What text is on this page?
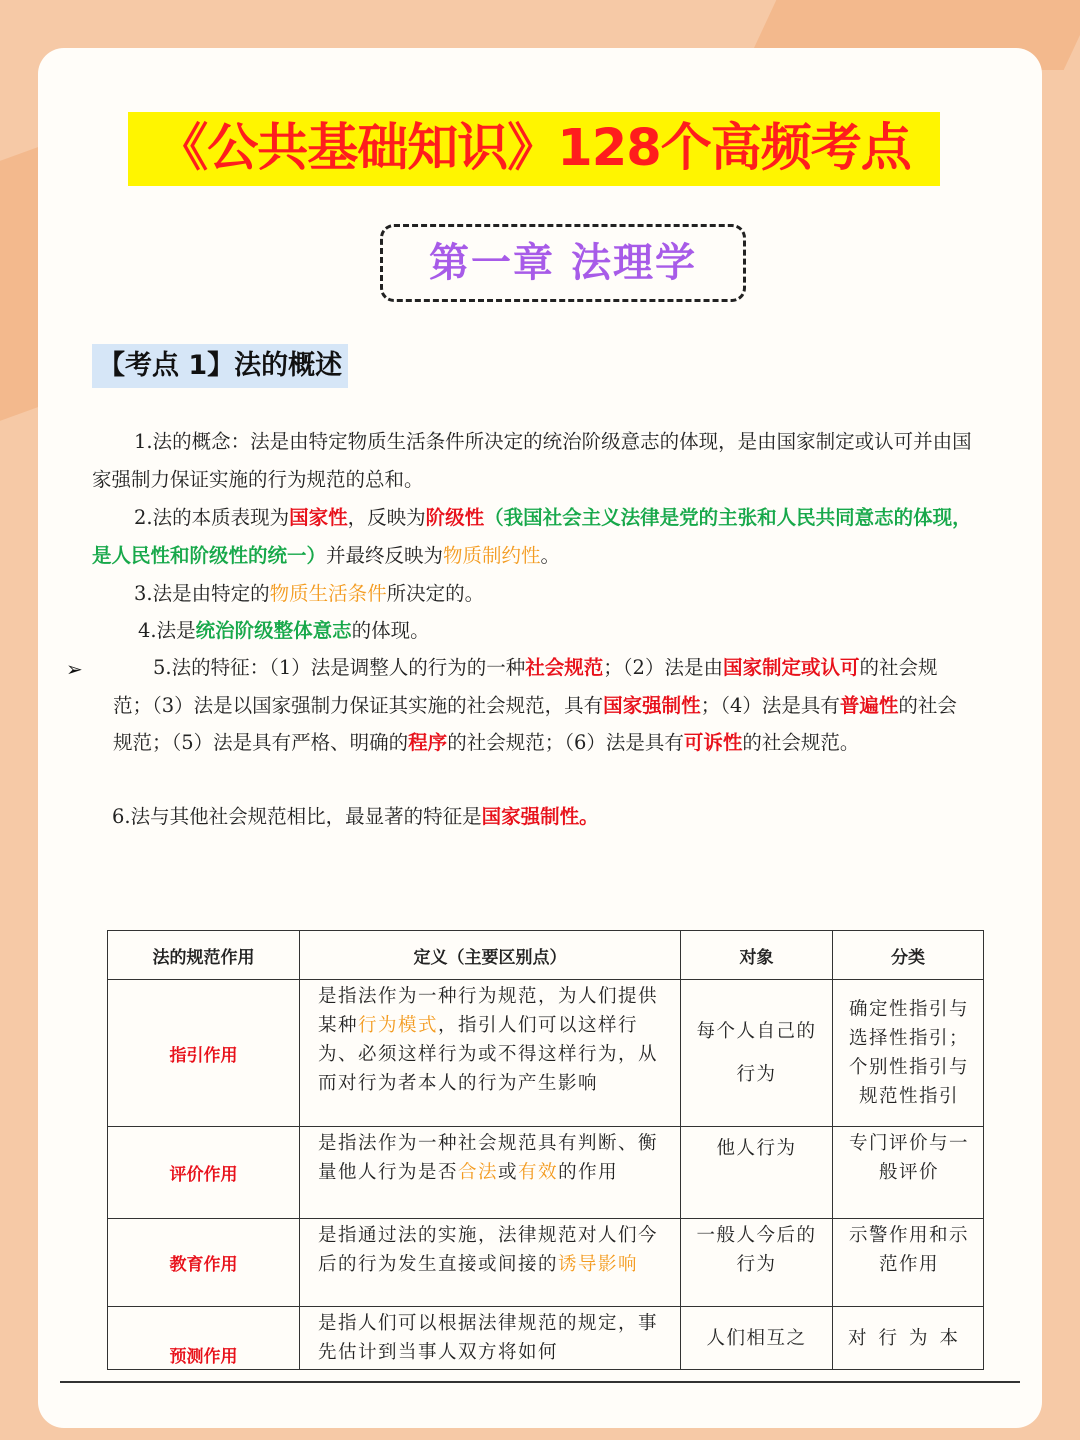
《公共基础知识》128个高频考点
第一章 法理学
【考点 1】法的概述

1.法的概念：法是由特定物质生活条件所决定的统治阶级意志的体现，是由国家制定或认可并由国家强制力保证实施的行为规范的总和。

2.法的本质表现为国家性，反映为阶级性（我国社会主义法律是党的主张和人民共同意志的体现，是人民性和阶级性的统一）并最终反映为物质制约性。

3.法是由特定的物质生活条件所决定的。

4.法是统治阶级整体意志的体现。

➢	5.法的特征：（1）法是调整人的行为的一种社会规范；（2）法是由国家制定或认可的社会规范；（3）法是以国家强制力保证其实施的社会规范，具有国家强制性；（4）法是具有普遍性的社会规范；（5）法是具有严格、明确的程序的社会规范；（6）法是具有可诉性的社会规范。

6.法与其他社会规范相比，最显著的特征是国家强制性。

法的规范作用	定义（主要区别点）	对象	分类
指引作用	是指法作为一种行为规范，为人们提供某种行为模式，指引人们可以这样行为、必须这样行为或不得这样行为，从而对行为者本人的行为产生影响	每个人自己的行为	确定性指引与选择性指引；个别性指引与规范性指引
评价作用	是指法作为一种社会规范具有判断、衡量他人行为是否合法或有效的作用	他人行为	专门评价与一般评价
教育作用	是指通过法的实施，法律规范对人们今后的行为发生直接或间接的诱导影响	一般人今后的行为	示警作用和示范作用
预测作用	是指人们可以根据法律规范的规定，事先估计到当事人双方将如何	人们相互之	对行为本
